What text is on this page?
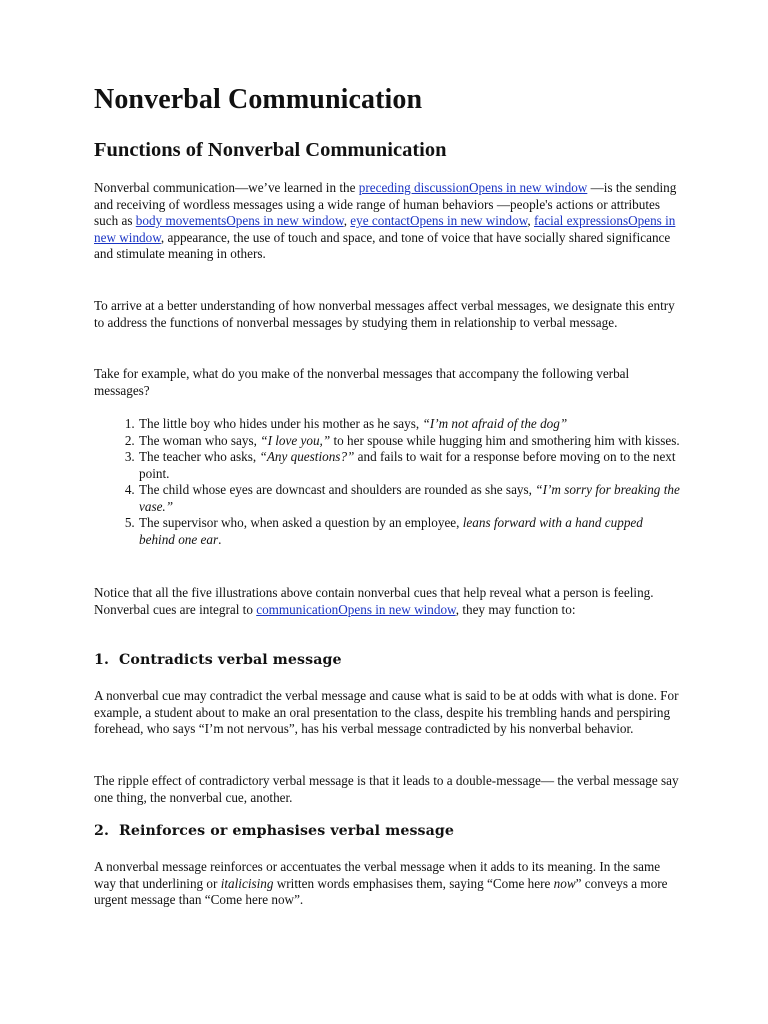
Nonverbal Communication
Functions of Nonverbal Communication

Nonverbal communication—we’ve learned in the preceding discussionOpens in new window —is the sending and receiving of wordless messages using a wide range of human behaviors —people's actions or attributes such as body movementsOpens in new window, eye contactOpens in new window, facial expressionsOpens in new window, appearance, the use of touch and space, and tone of voice that have socially shared significance and stimulate meaning in others.

To arrive at a better understanding of how nonverbal messages affect verbal messages, we designate this entry to address the functions of nonverbal messages by studying them in relationship to verbal message.

Take for example, what do you make of the nonverbal messages that accompany the following verbal messages?

1. The little boy who hides under his mother as he says, “I’m not afraid of the dog”
2. The woman who says, “I love you,” to her spouse while hugging him and smothering him with kisses.
3. The teacher who asks, “Any questions?” and fails to wait for a response before moving on to the next point.
4. The child whose eyes are downcast and shoulders are rounded as she says, “I’m sorry for breaking the vase.”
5. The supervisor who, when asked a question by an employee, leans forward with a hand cupped behind one ear.

Notice that all the five illustrations above contain nonverbal cues that help reveal what a person is feeling. Nonverbal cues are integral to communicationOpens in new window, they may function to:

1. Contradicts verbal message

A nonverbal cue may contradict the verbal message and cause what is said to be at odds with what is done. For example, a student about to make an oral presentation to the class, despite his trembling hands and perspiring forehead, who says “I’m not nervous”, has his verbal message contradicted by his nonverbal behavior.

The ripple effect of contradictory verbal message is that it leads to a double-message— the verbal message say one thing, the nonverbal cue, another.

2. Reinforces or emphasises verbal message

A nonverbal message reinforces or accentuates the verbal message when it adds to its meaning. In the same way that underlining or italicising written words emphasises them, saying “Come here now” conveys a more urgent message than “Come here now”.
